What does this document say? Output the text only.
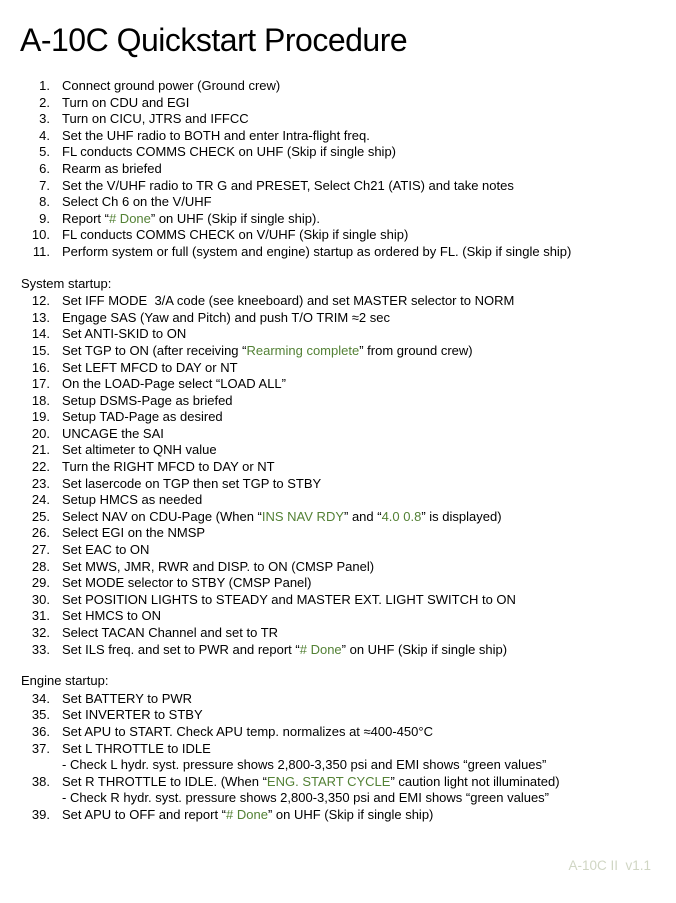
A-10C Quickstart Procedure
1. Connect ground power (Ground crew)
2. Turn on CDU and EGI
3. Turn on CICU, JTRS and IFFCC
4. Set the UHF radio to BOTH and enter Intra-flight freq.
5. FL conducts COMMS CHECK on UHF (Skip if single ship)
6. Rearm as briefed
7. Set the V/UHF radio to TR G and PRESET, Select Ch21 (ATIS) and take notes
8. Select Ch 6 on the V/UHF
9. Report “# Done” on UHF (Skip if single ship).
10. FL conducts COMMS CHECK on V/UHF (Skip if single ship)
11. Perform system or full (system and engine) startup as ordered by FL. (Skip if single ship)
System startup:
12. Set IFF MODE  3/A code (see kneeboard) and set MASTER selector to NORM
13. Engage SAS (Yaw and Pitch) and push T/O TRIM ≈2 sec
14. Set ANTI-SKID to ON
15. Set TGP to ON (after receiving “Rearming complete” from ground crew)
16. Set LEFT MFCD to DAY or NT
17. On the LOAD-Page select “LOAD ALL”
18. Setup DSMS-Page as briefed
19. Setup TAD-Page as desired
20. UNCAGE the SAI
21. Set altimeter to QNH value
22. Turn the RIGHT MFCD to DAY or NT
23. Set lasercode on TGP then set TGP to STBY
24. Setup HMCS as needed
25. Select NAV on CDU-Page (When “INS NAV RDY” and “4.0 0.8” is displayed)
26. Select EGI on the NMSP
27. Set EAC to ON
28. Set MWS, JMR, RWR and DISP. to ON (CMSP Panel)
29. Set MODE selector to STBY (CMSP Panel)
30. Set POSITION LIGHTS to STEADY and MASTER EXT. LIGHT SWITCH to ON
31. Set HMCS to ON
32. Select TACAN Channel and set to TR
33. Set ILS freq. and set to PWR and report “# Done” on UHF (Skip if single ship)
Engine startup:
34. Set BATTERY to PWR
35. Set INVERTER to STBY
36. Set APU to START. Check APU temp. normalizes at ≈400-450°C
37. Set L THROTTLE to IDLE
- Check L hydr. syst. pressure shows 2,800-3,350 psi and EMI shows “green values”
38. Set R THROTTLE to IDLE. (When “ENG. START CYCLE” caution light not illuminated)
- Check R hydr. syst. pressure shows 2,800-3,350 psi and EMI shows “green values”
39. Set APU to OFF and report “# Done” on UHF (Skip if single ship)
A-10C II  v1.1
